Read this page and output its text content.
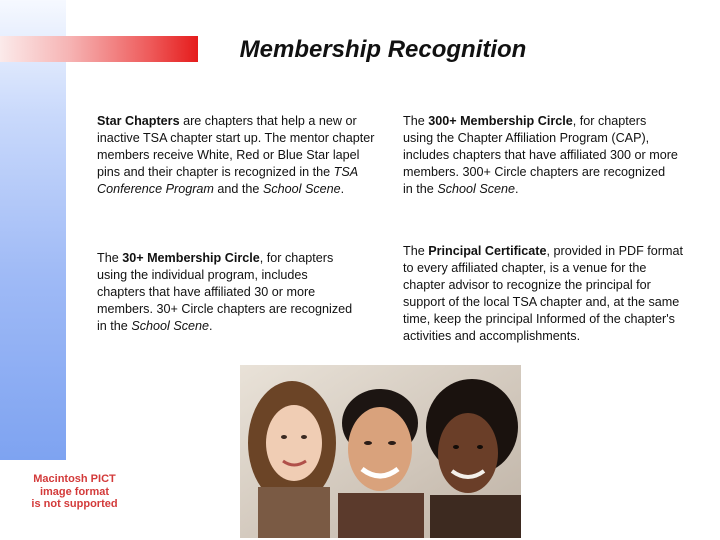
Membership Recognition

Star Chapters are chapters that help a new or inactive TSA chapter start up. The mentor chapter members receive White, Red or Blue Star lapel pins and their chapter is recognized in the TSA Conference Program and the School Scene.

The 300+ Membership Circle, for chapters using the Chapter Affiliation Program (CAP), includes chapters that have affiliated 300 or more members. 300+ Circle chapters are recognized in the School Scene.

The 30+ Membership Circle, for chapters using the individual program, includes chapters that have affiliated 30 or more members. 30+ Circle chapters are recognized in the School Scene.

The Principal Certificate, provided in PDF format to every affiliated chapter, is a venue for the chapter advisor to recognize the principal for support of the local TSA chapter and, at the same time, keep the principal Informed of the chapter's activities and accomplishments.

Macintosh PICT
image format
is not supported
